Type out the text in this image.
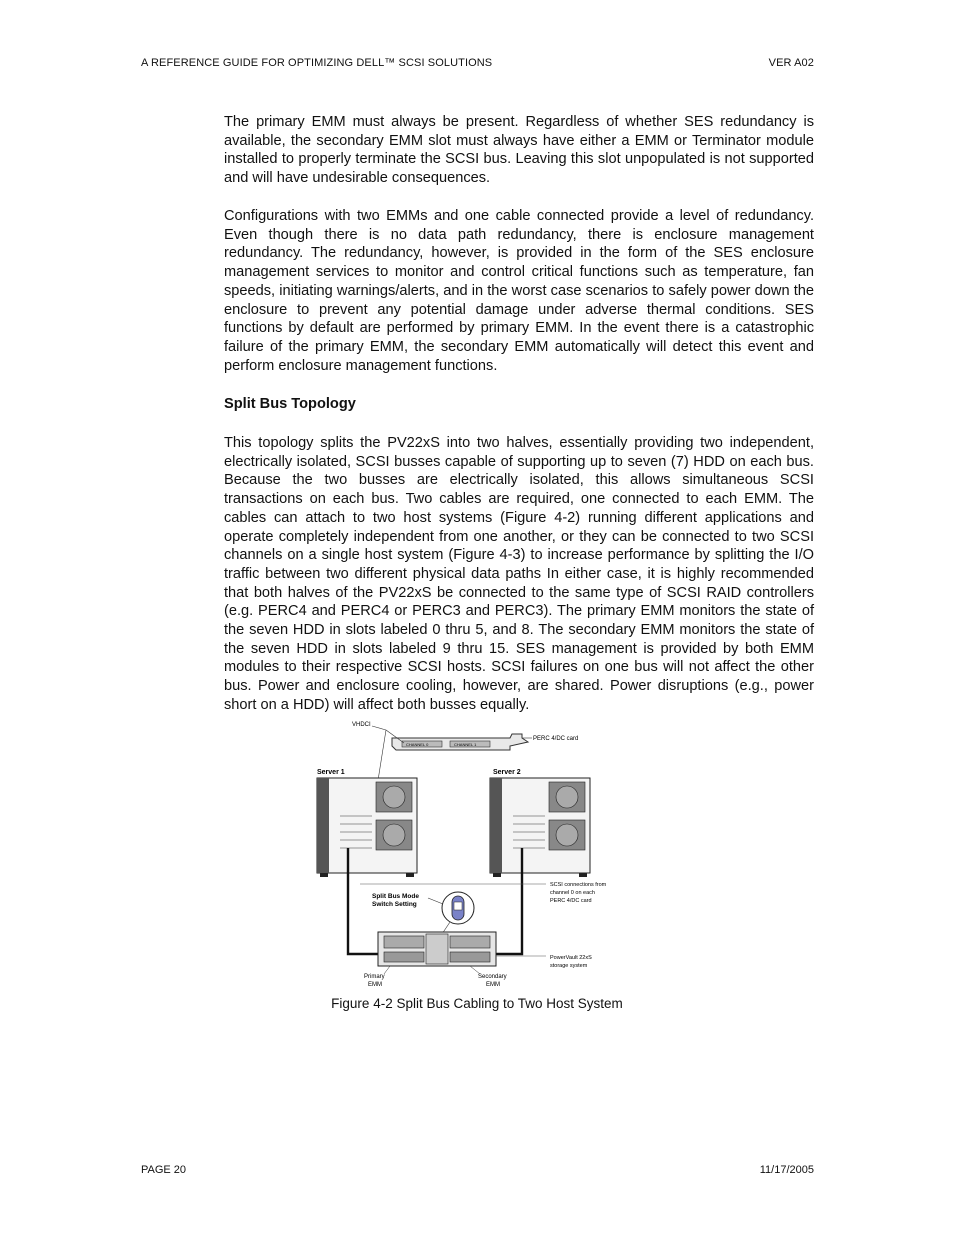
A REFERENCE GUIDE FOR OPTIMIZING DELL™ SCSI SOLUTIONS	VER A02
The primary EMM must always be present. Regardless of whether SES redundancy is available, the secondary EMM slot must always have either a EMM or Terminator module installed to properly terminate the SCSI bus. Leaving this slot unpopulated is not supported and will have undesirable consequences.
Configurations with two EMMs and one cable connected provide a level of redundancy. Even though there is no data path redundancy, there is enclosure management redundancy. The redundancy, however, is provided in the form of the SES enclosure management services to monitor and control critical functions such as temperature, fan speeds, initiating warnings/alerts, and in the worst case scenarios to safely power down the enclosure to prevent any potential damage under adverse thermal conditions. SES functions by default are performed by primary EMM. In the event there is a catastrophic failure of the primary EMM, the secondary EMM automatically will detect this event and perform enclosure management functions.
Split Bus Topology
This topology splits the PV22xS into two halves, essentially providing two independent, electrically isolated, SCSI busses capable of supporting up to seven (7) HDD on each bus. Because the two busses are electrically isolated, this allows simultaneous SCSI transactions on each bus. Two cables are required, one connected to each EMM. The cables can attach to two host systems (Figure 4-2) running different applications and operate completely independent from one another, or they can be connected to two SCSI channels on a single host system (Figure 4-3) to increase performance by splitting the I/O traffic between two different physical data paths In either case, it is highly recommended that both halves of the PV22xS be connected to the same type of SCSI RAID controllers (e.g. PERC4 and PERC4 or PERC3 and PERC3). The primary EMM monitors the state of the seven HDD in slots labeled 0 thru 5, and 8. The secondary EMM monitors the state of the seven HDD in slots labeled 9 thru 15. SES management is provided by both EMM modules to their respective SCSI hosts. SCSI failures on one bus will not affect the other bus. Power and enclosure cooling, however, are shared. Power disruptions (e.g., power short on a HDD) will affect both busses equally.
CHANNEL 0	CHANNEL 1
VHDCI
PERC 4/DC card
Server 1	Server 2
Split Bus Mode
Switch Setting
SCSI connections from
channel 0 on each
PERC 4/DC card
PowerVault 22xS
storage system
Primary
EMM
Secondary
EMM
Figure 4-2 Split Bus Cabling to Two Host System
PAGE 20	11/17/2005
